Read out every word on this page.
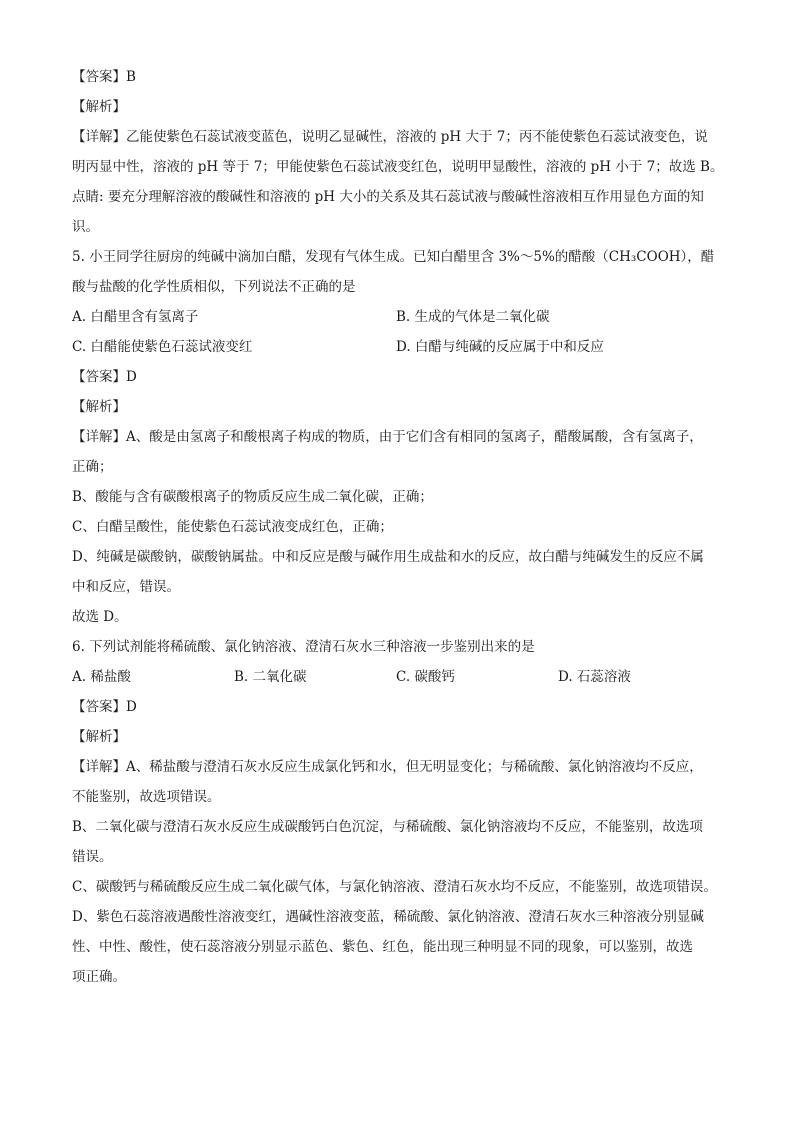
【答案】B

【解析】

【详解】乙能使紫色石蕊试液变蓝色，说明乙显碱性，溶液的 pH 大于 7；丙不能使紫色石蕊试液变色，说

明丙显中性，溶液的 pH 等于 7；甲能使紫色石蕊试液变红色，说明甲显酸性，溶液的 pH 小于 7；故选 B。

点睛: 要充分理解溶液的酸碱性和溶液的 pH 大小的关系及其石蕊试液与酸碱性溶液相互作用显色方面的知

识。

5. 小王同学往厨房的纯碱中滴加白醋，发现有气体生成。已知白醋里含 3%～5%的醋酸（CH₃COOH），醋

酸与盐酸的化学性质相似，下列说法不正确的是

A. 白醋里含有氢离子	B. 生成的气体是二氧化碳
C. 白醋能使紫色石蕊试液变红	D. 白醋与纯碱的反应属于中和反应

【答案】D

【解析】

【详解】A、酸是由氢离子和酸根离子构成的物质，由于它们含有相同的氢离子，醋酸属酸，含有氢离子，

正确；

B、酸能与含有碳酸根离子的物质反应生成二氧化碳，正确；

C、白醋呈酸性，能使紫色石蕊试液变成红色，正确；

D、纯碱是碳酸钠，碳酸钠属盐。中和反应是酸与碱作用生成盐和水的反应，故白醋与纯碱发生的反应不属

中和反应，错误。

故选 D。

6. 下列试剂能将稀硫酸、氯化钠溶液、澄清石灰水三种溶液一步鉴别出来的是

A. 稀盐酸	B. 二氧化碳	C. 碳酸钙	D. 石蕊溶液

【答案】D

【解析】

【详解】A、稀盐酸与澄清石灰水反应生成氯化钙和水，但无明显变化；与稀硫酸、氯化钠溶液均不反应，

不能鉴别，故选项错误。

B、二氧化碳与澄清石灰水反应生成碳酸钙白色沉淀，与稀硫酸、氯化钠溶液均不反应，不能鉴别，故选项

错误。

C、碳酸钙与稀硫酸反应生成二氧化碳气体，与氯化钠溶液、澄清石灰水均不反应，不能鉴别，故选项错误。

D、紫色石蕊溶液遇酸性溶液变红，遇碱性溶液变蓝，稀硫酸、氯化钠溶液、澄清石灰水三种溶液分别显碱

性、中性、酸性，使石蕊溶液分别显示蓝色、紫色、红色，能出现三种明显不同的现象，可以鉴别，故选

项正确。
